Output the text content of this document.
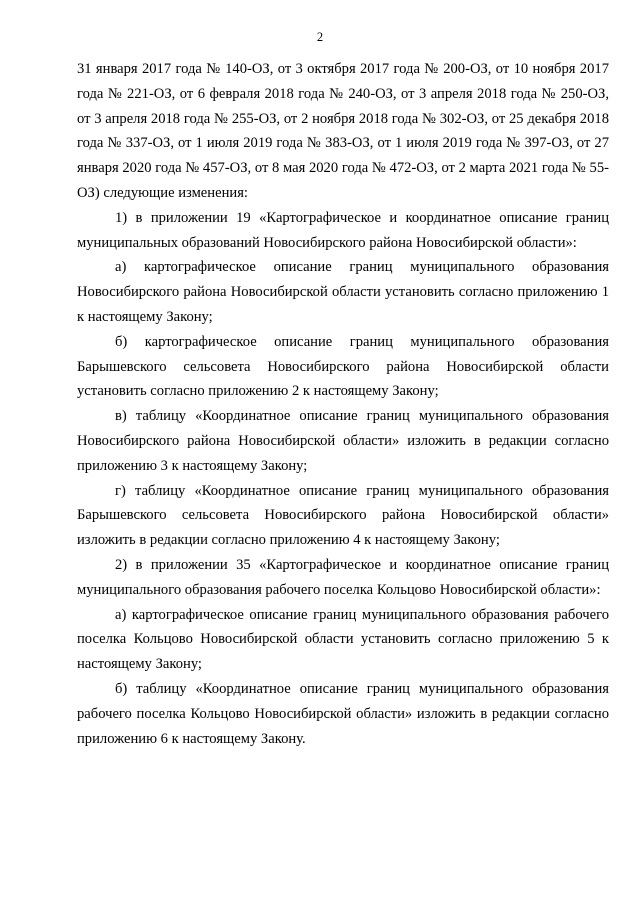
2

31 января 2017 года № 140-ОЗ, от 3 октября 2017 года № 200-ОЗ, от 10 ноября 2017 года № 221-ОЗ, от 6 февраля 2018 года № 240-ОЗ, от 3 апреля 2018 года № 250-ОЗ, от 3 апреля 2018 года № 255-ОЗ, от 2 ноября 2018 года № 302-ОЗ, от 25 декабря 2018 года № 337-ОЗ, от 1 июля 2019 года № 383-ОЗ, от 1 июля 2019 года № 397-ОЗ, от 27 января 2020 года № 457-ОЗ, от 8 мая 2020 года № 472-ОЗ, от 2 марта 2021 года № 55-ОЗ) следующие изменения:

1) в приложении 19 «Картографическое и координатное описание границ муниципальных образований Новосибирского района Новосибирской области»:

а) картографическое описание границ муниципального образования Новосибирского района Новосибирской области установить согласно приложению 1 к настоящему Закону;

б) картографическое описание границ муниципального образования Барышевского сельсовета Новосибирского района Новосибирской области установить согласно приложению 2 к настоящему Закону;

в) таблицу «Координатное описание границ муниципального образования Новосибирского района Новосибирской области» изложить в редакции согласно приложению 3 к настоящему Закону;

г) таблицу «Координатное описание границ муниципального образования Барышевского сельсовета Новосибирского района Новосибирской области» изложить в редакции согласно приложению 4 к настоящему Закону;

2) в приложении 35 «Картографическое и координатное описание границ муниципального образования рабочего поселка Кольцово Новосибирской области»:

а) картографическое описание границ муниципального образования рабочего поселка Кольцово Новосибирской области установить согласно приложению 5 к настоящему Закону;

б) таблицу «Координатное описание границ муниципального образования рабочего поселка Кольцово Новосибирской области» изложить в редакции согласно приложению 6 к настоящему Закону.
